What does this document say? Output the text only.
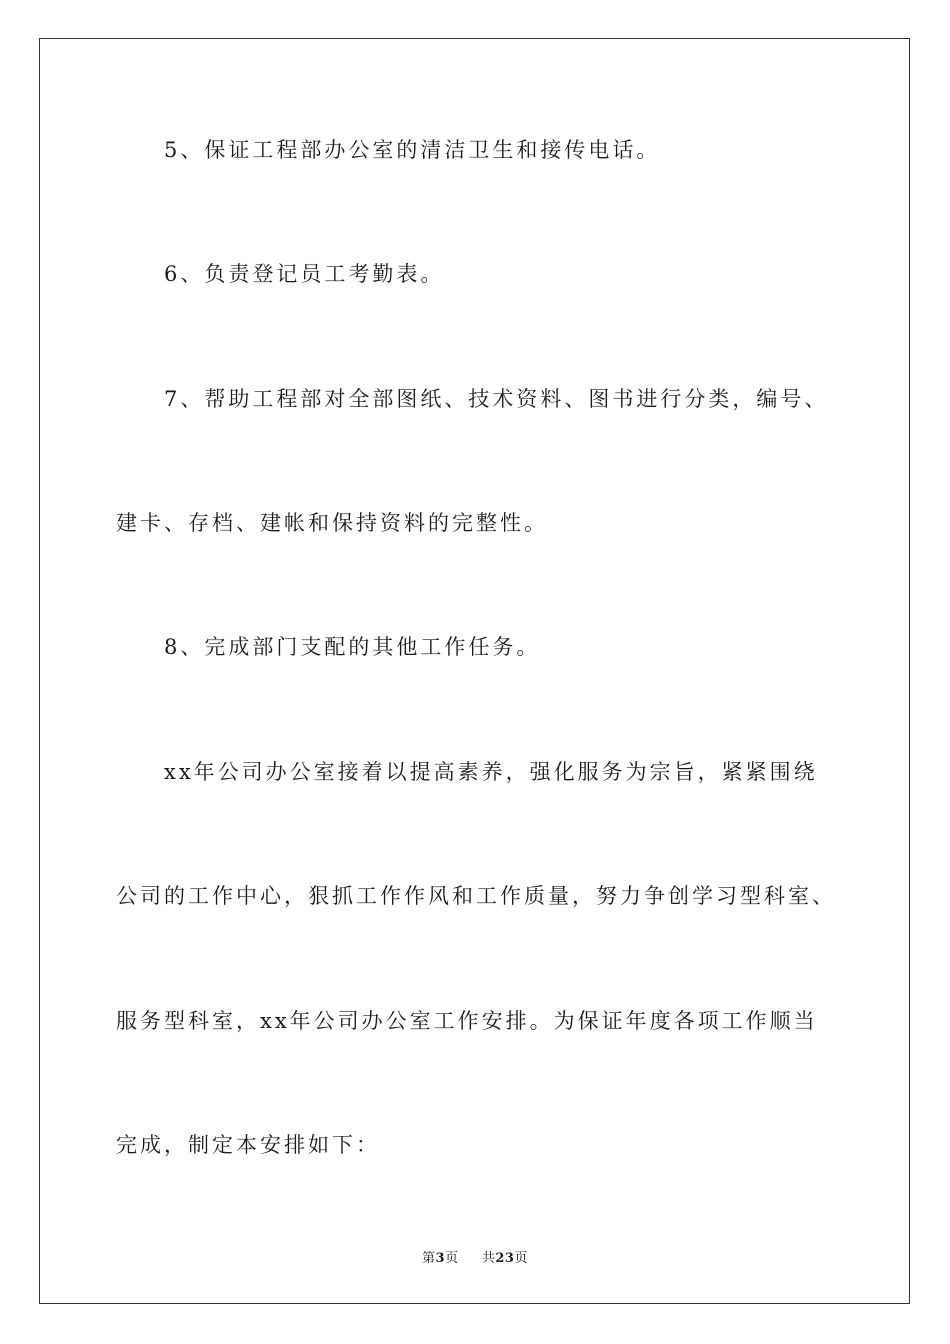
5、保证工程部办公室的清洁卫生和接传电话。

6、负责登记员工考勤表。

7、帮助工程部对全部图纸、技术资料、图书进行分类，编号、

建卡、存档、建帐和保持资料的完整性。

8、完成部门支配的其他工作任务。

xx年公司办公室接着以提高素养，强化服务为宗旨，紧紧围绕

公司的工作中心，狠抓工作作风和工作质量，努力争创学习型科室、

服务型科室，xx年公司办公室工作安排。为保证年度各项工作顺当

完成，制定本安排如下：

第3页 共23页
